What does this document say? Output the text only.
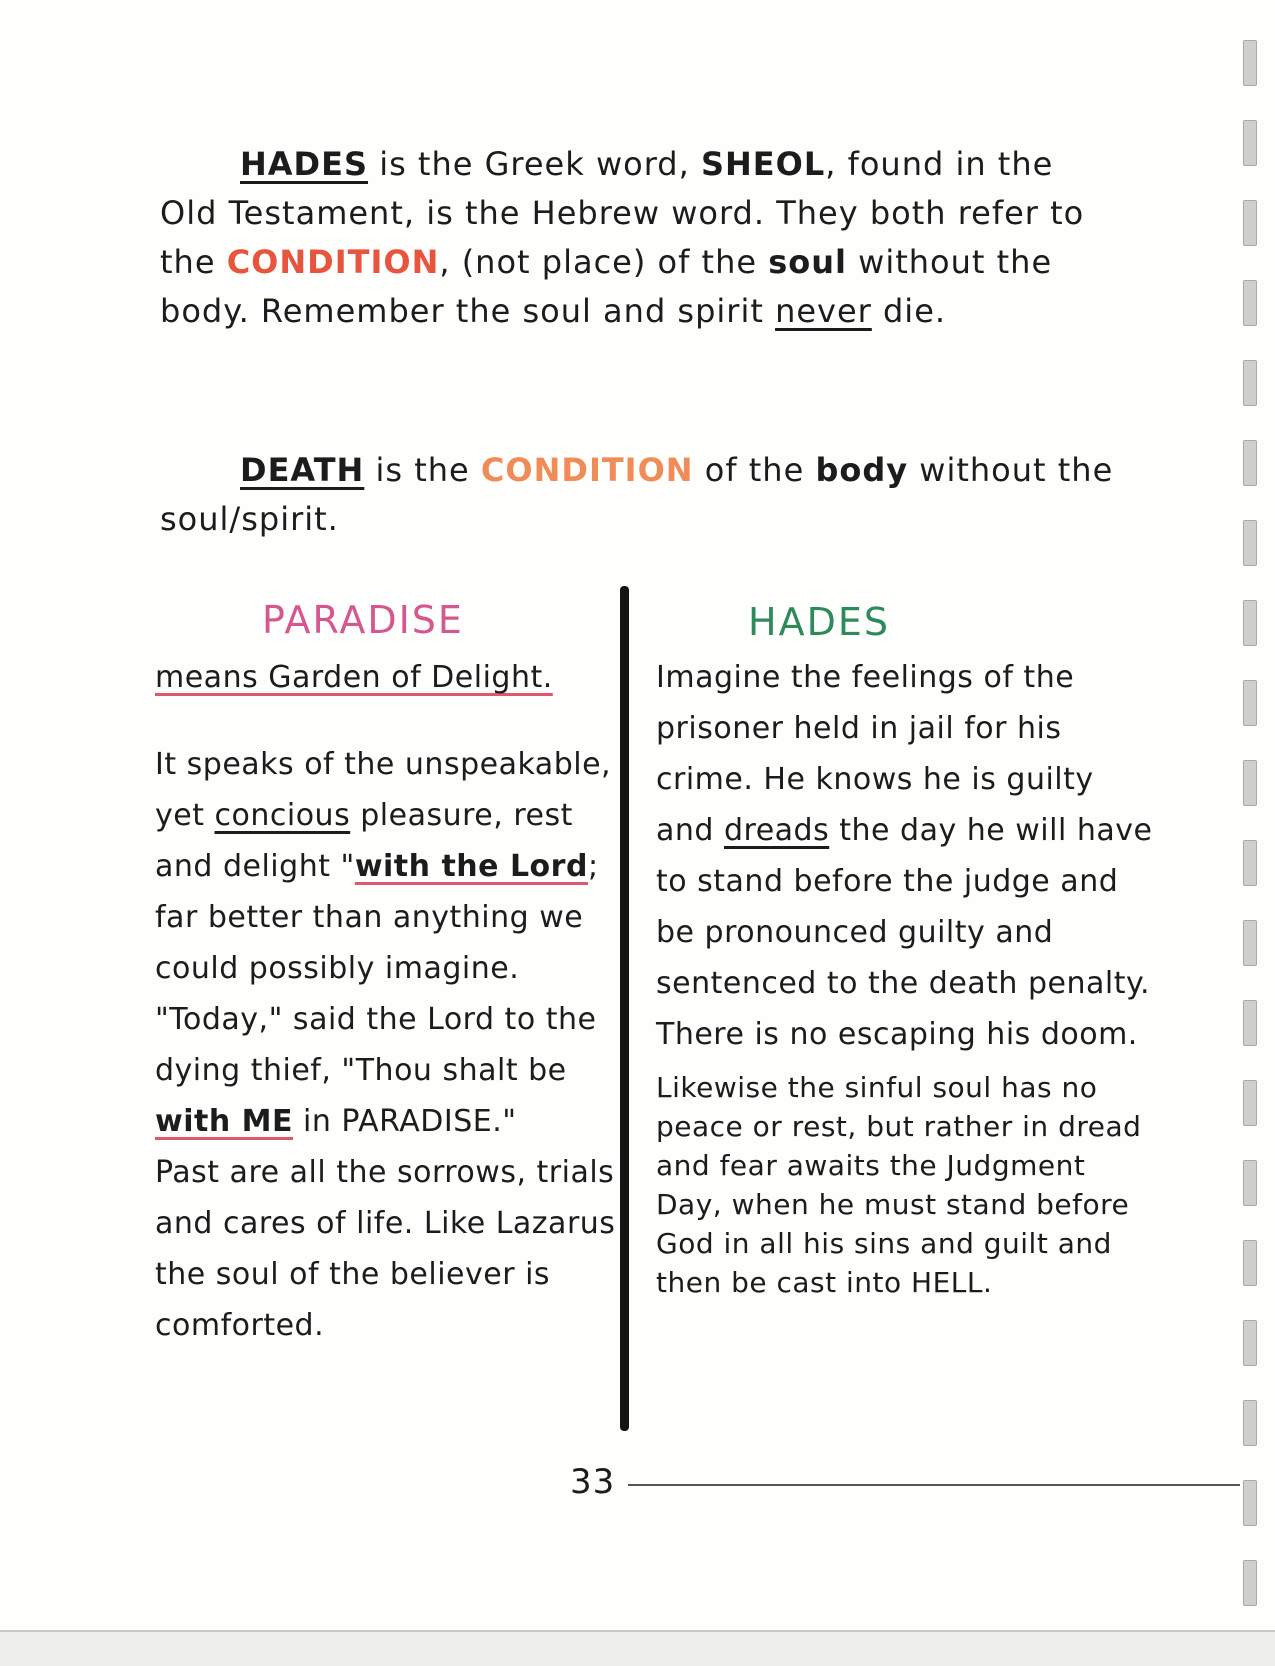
HADES is the Greek word, SHEOL, found in the Old Testament, is the Hebrew word. They both refer to the CONDITION, (not place) of the soul without the body. Remember the soul and spirit never die.

DEATH is the CONDITION of the body without the soul/spirit.

PARADISE	HADES
means Garden of Delight.
It speaks of the unspeakable, yet concious pleasure, rest and delight "with the Lord; far better than anything we could possibly imagine. "Today," said the Lord to the dying thief, "Thou shalt be with ME in PARADISE."
Past are all the sorrows, trials and cares of life. Like Lazarus the soul of the believer is comforted.
Imagine the feelings of the prisoner held in jail for his crime. He knows he is guilty and dreads the day he will have to stand before the judge and be pronounced guilty and sentenced to the death penalty. There is no escaping his doom.
Likewise the sinful soul has no peace or rest, but rather in dread and fear awaits the Judgment Day, when he must stand before God in all his sins and guilt and then be cast into HELL.
33
